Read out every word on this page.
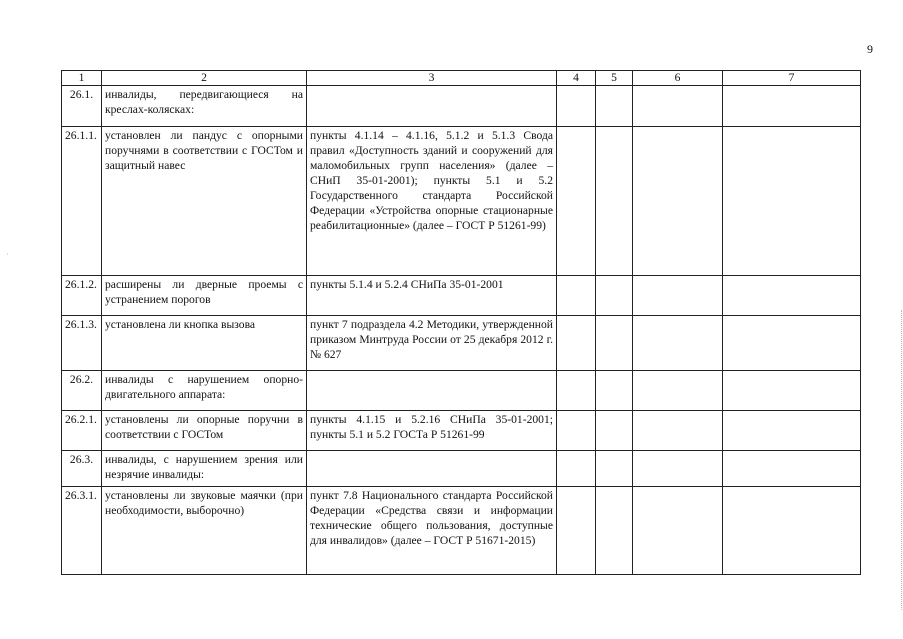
9
·
1	2	3	4	5	6	7
26.1.	инвалиды, передвигающиеся на креслах-колясках:					
26.1.1.	установлен ли пандус с опорными поручнями в соответствии с ГОСТом и защитный навес	пункты 4.1.14 – 4.1.16, 5.1.2 и 5.1.3 Свода правил «Доступность зданий и сооружений для маломобильных групп населения» (далее – СНиП 35-01-2001); пункты 5.1 и 5.2 Государственного стандарта Российской Федерации «Устройства опорные стационарные реабилитационные» (далее – ГОСТ Р 51261-99)				
26.1.2.	расширены ли дверные проемы с устранением порогов	пункты 5.1.4 и 5.2.4 СНиПа 35-01-2001				
26.1.3.	установлена ли кнопка вызова	пункт 7 подраздела 4.2 Методики, утвержденной приказом Минтруда России от 25 декабря 2012 г. № 627				
26.2.	инвалиды с нарушением опорно-двигательного аппарата:					
26.2.1.	установлены ли опорные поручни в соответствии с ГОСТом	пункты 4.1.15 и 5.2.16 СНиПа 35-01-2001; пункты 5.1 и 5.2 ГОСТа Р 51261-99				
26.3.	инвалиды, с нарушением зрения или незрячие инвалиды:					
26.3.1.	установлены ли звуковые маячки (при необходимости, выборочно)	пункт 7.8 Национального стандарта Российской Федерации «Средства связи и информации технические общего пользования, доступные для инвалидов» (далее – ГОСТ Р 51671-2015)				
